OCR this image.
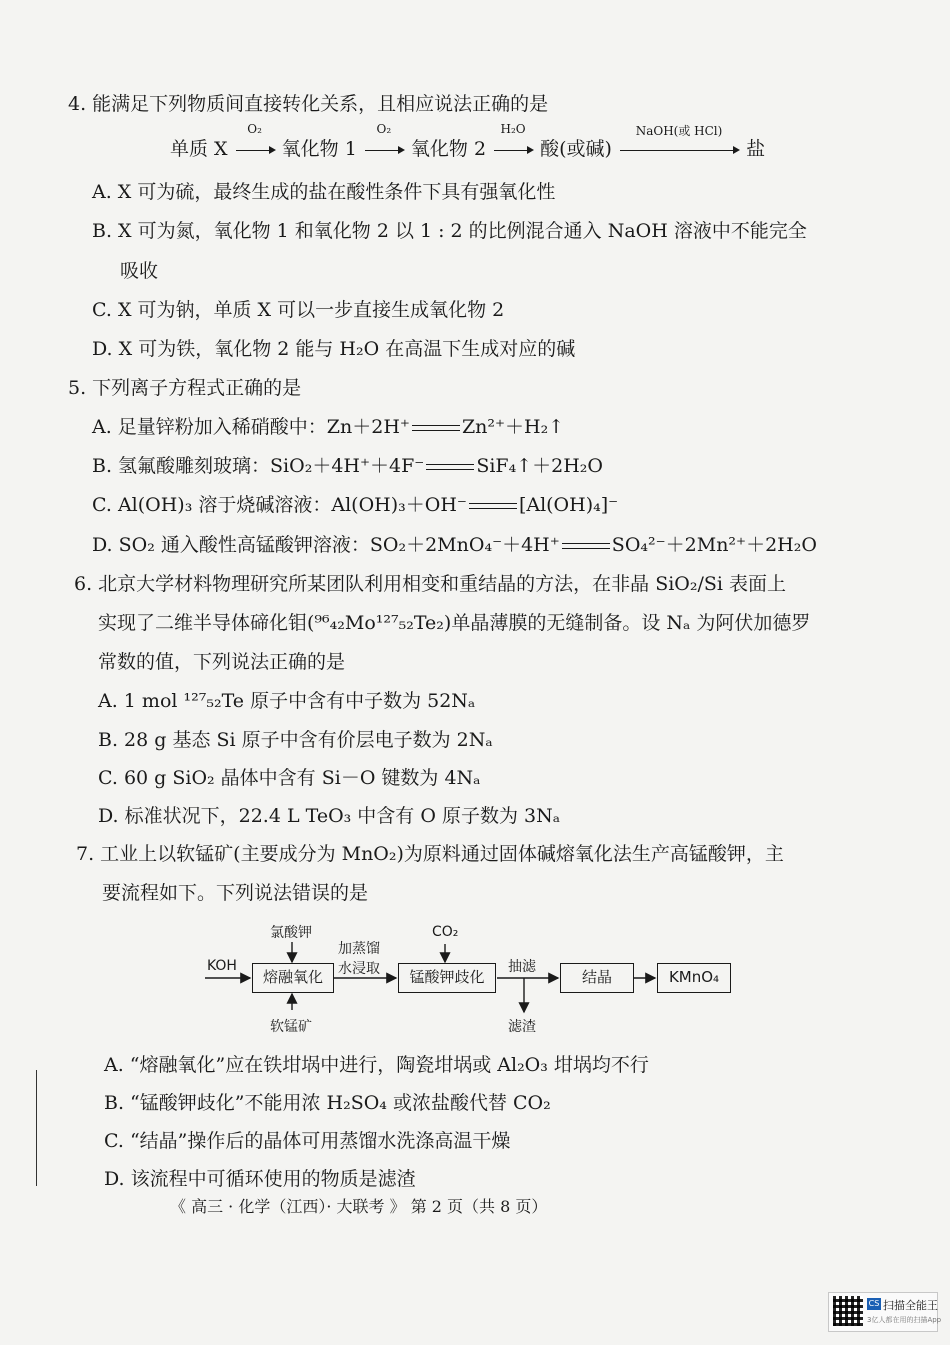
4. 能满足下列物质间直接转化关系，且相应说法正确的是
单质 X
O₂
氧化物 1
O₂
氧化物 2
H₂O
酸(或碱)
NaOH(或 HCl)
盐
A. X 可为硫，最终生成的盐在酸性条件下具有强氧化性
B. X 可为氮，氧化物 1 和氧化物 2 以 1 : 2 的比例混合通入 NaOH 溶液中不能完全
吸收
C. X 可为钠，单质 X 可以一步直接生成氧化物 2
D. X 可为铁，氧化物 2 能与 H₂O 在高温下生成对应的碱
5. 下列离子方程式正确的是
A. 足量锌粉加入稀硝酸中：Zn＋2H⁺	Zn²⁺＋H₂↑
B. 氢氟酸雕刻玻璃：SiO₂＋4H⁺＋4F⁻	SiF₄↑＋2H₂O
C. Al(OH)₃ 溶于烧碱溶液：Al(OH)₃＋OH⁻	[Al(OH)₄]⁻
D. SO₂ 通入酸性高锰酸钾溶液：SO₂＋2MnO₄⁻＋4H⁺	SO₄²⁻＋2Mn²⁺＋2H₂O
6. 北京大学材料物理研究所某团队利用相变和重结晶的方法，在非晶 SiO₂/Si 表面上
实现了二维半导体碲化钼(⁹⁶₄₂Mo¹²⁷₅₂Te₂)单晶薄膜的无缝制备。设 Nₐ 为阿伏加德罗
常数的值，下列说法正确的是
A. 1 mol ¹²⁷₅₂Te 原子中含有中子数为 52Nₐ
B. 28 g 基态 Si 原子中含有价层电子数为 2Nₐ
C. 60 g SiO₂ 晶体中含有 Si－O 键数为 4Nₐ
D. 标准状况下，22.4 L TeO₃ 中含有 O 原子数为 3Nₐ
7. 工业上以软锰矿(主要成分为 MnO₂)为原料通过固体碱熔氧化法生产高锰酸钾，主
要流程如下。下列说法错误的是
KOH
氯酸钾
软锰矿
熔融氧化
加蒸馏
水浸取
CO₂
锰酸钾歧化
抽滤
滤渣
结晶	KMnO₄
A. “熔融氧化”应在铁坩埚中进行，陶瓷坩埚或 Al₂O₃ 坩埚均不行
B. “锰酸钾歧化”不能用浓 H₂SO₄ 或浓盐酸代替 CO₂
C. “结晶”操作后的晶体可用蒸馏水洗涤高温干燥
D. 该流程中可循环使用的物质是滤渣
《 高三 · 化学（江西）· 大联考 》 第 2 页（共 8 页）
CS 扫描全能王
3亿人都在用的扫描App
